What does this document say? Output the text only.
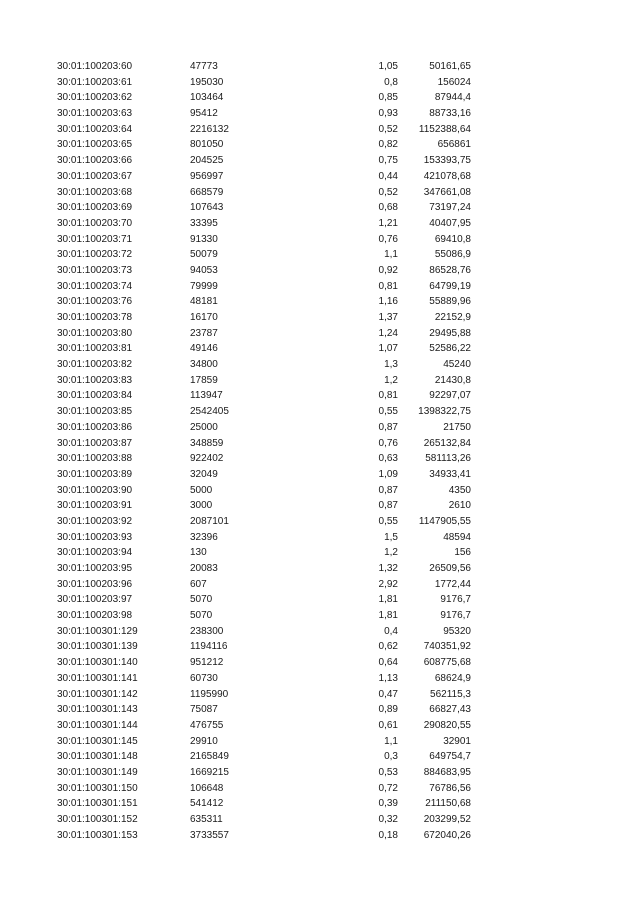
30:01:100203:60	47773	1,05	50161,65
30:01:100203:61	195030	0,8	156024
30:01:100203:62	103464	0,85	87944,4
30:01:100203:63	95412	0,93	88733,16
30:01:100203:64	2216132	0,52	1152388,64
30:01:100203:65	801050	0,82	656861
30:01:100203:66	204525	0,75	153393,75
30:01:100203:67	956997	0,44	421078,68
30:01:100203:68	668579	0,52	347661,08
30:01:100203:69	107643	0,68	73197,24
30:01:100203:70	33395	1,21	40407,95
30:01:100203:71	91330	0,76	69410,8
30:01:100203:72	50079	1,1	55086,9
30:01:100203:73	94053	0,92	86528,76
30:01:100203:74	79999	0,81	64799,19
30:01:100203:76	48181	1,16	55889,96
30:01:100203:78	16170	1,37	22152,9
30:01:100203:80	23787	1,24	29495,88
30:01:100203:81	49146	1,07	52586,22
30:01:100203:82	34800	1,3	45240
30:01:100203:83	17859	1,2	21430,8
30:01:100203:84	113947	0,81	92297,07
30:01:100203:85	2542405	0,55	1398322,75
30:01:100203:86	25000	0,87	21750
30:01:100203:87	348859	0,76	265132,84
30:01:100203:88	922402	0,63	581113,26
30:01:100203:89	32049	1,09	34933,41
30:01:100203:90	5000	0,87	4350
30:01:100203:91	3000	0,87	2610
30:01:100203:92	2087101	0,55	1147905,55
30:01:100203:93	32396	1,5	48594
30:01:100203:94	130	1,2	156
30:01:100203:95	20083	1,32	26509,56
30:01:100203:96	607	2,92	1772,44
30:01:100203:97	5070	1,81	9176,7
30:01:100203:98	5070	1,81	9176,7
30:01:100301:129	238300	0,4	95320
30:01:100301:139	1194116	0,62	740351,92
30:01:100301:140	951212	0,64	608775,68
30:01:100301:141	60730	1,13	68624,9
30:01:100301:142	1195990	0,47	562115,3
30:01:100301:143	75087	0,89	66827,43
30:01:100301:144	476755	0,61	290820,55
30:01:100301:145	29910	1,1	32901
30:01:100301:148	2165849	0,3	649754,7
30:01:100301:149	1669215	0,53	884683,95
30:01:100301:150	106648	0,72	76786,56
30:01:100301:151	541412	0,39	211150,68
30:01:100301:152	635311	0,32	203299,52
30:01:100301:153	3733557	0,18	672040,26
